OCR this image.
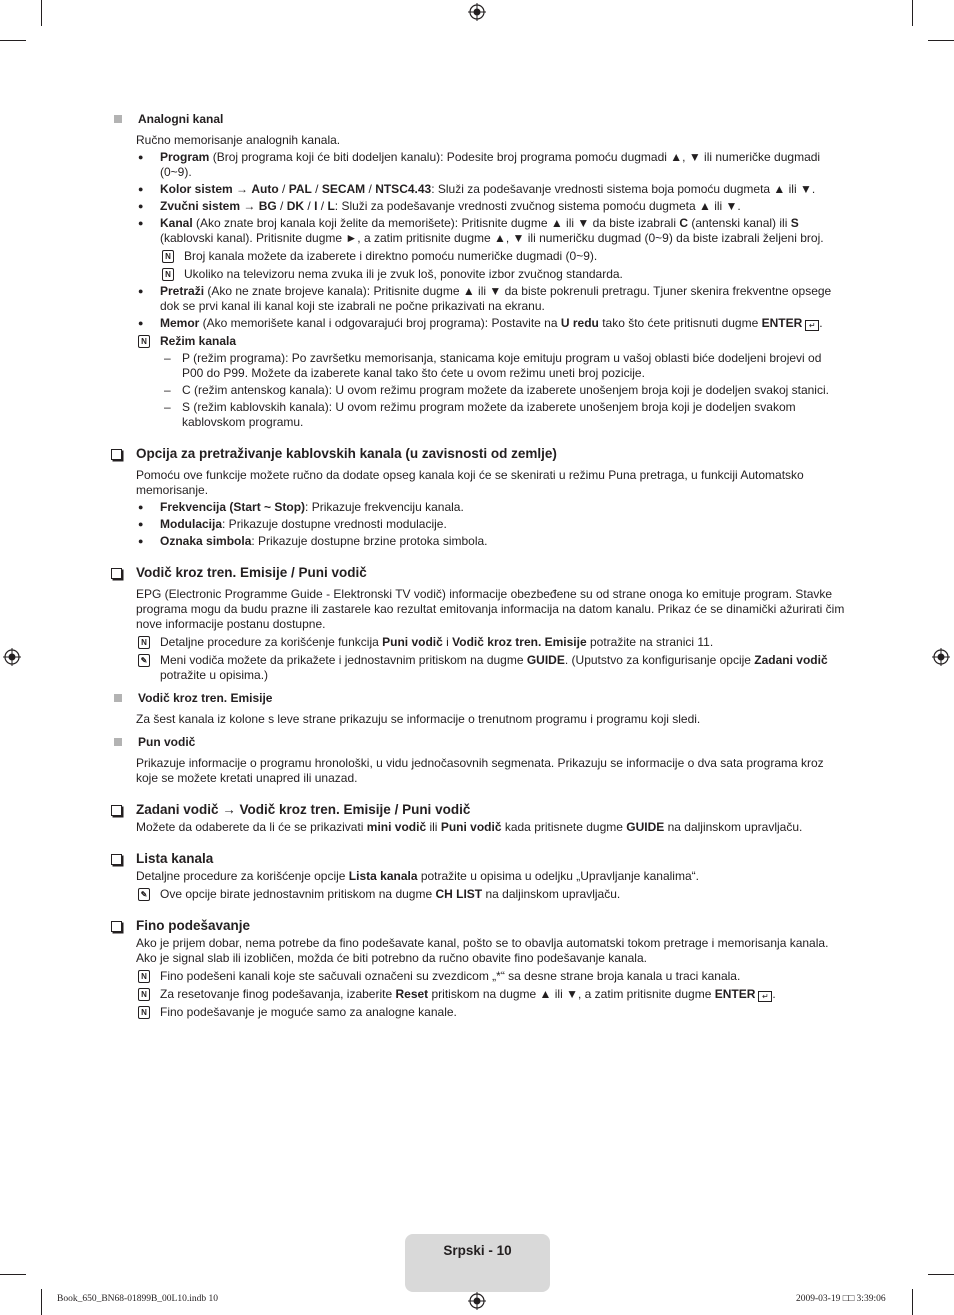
Analogni kanal
Ručno memorisanje analognih kanala.
● Program (Broj programa koji će biti dodeljen kanalu): Podesite broj programa pomoću dugmadi ▲, ▼ ili numeričke dugmadi (0~9).
● Kolor sistem → Auto / PAL / SECAM / NTSC4.43: Služi za podešavanje vrednosti sistema boja pomoću dugmeta ▲ ili ▼.
● Zvučni sistem → BG / DK / I / L: Služi za podešavanje vrednosti zvučnog sistema pomoću dugmeta ▲ ili ▼.
● Kanal (Ako znate broj kanala koji želite da memorišete): Pritisnite dugme ▲ ili ▼ da biste izabrali C (antenski kanal) ili S (kablovski kanal). Pritisnite dugme ►, a zatim pritisnite dugme ▲, ▼ ili numeričku dugmad (0~9) da biste izabrali željeni broj.
N Broj kanala možete da izaberete i direktno pomoću numeričke dugmadi (0~9).
N Ukoliko na televizoru nema zvuka ili je zvuk loš, ponovite izbor zvučnog standarda.
● Pretraži (Ako ne znate brojeve kanala): Pritisnite dugme ▲ ili ▼ da biste pokrenuli pretragu. Tjuner skenira frekventne opsege dok se prvi kanal ili kanal koji ste izabrali ne počne prikazivati na ekranu.
● Memor (Ako memorišete kanal i odgovarajući broj programa): Postavite na U redu tako što ćete pritisnuti dugme ENTER ↵ .
N Režim kanala
– P (režim programa): Po završetku memorisanja, stanicama koje emituju program u vašoj oblasti biće dodeljeni brojevi od P00 do P99. Možete da izaberete kanal tako što ćete u ovom režimu uneti broj pozicije.
– C (režim antenskog kanala): U ovom režimu program možete da izaberete unošenjem broja koji je dodeljen svakoj stanici.
– S (režim kablovskih kanala): U ovom režimu program možete da izaberete unošenjem broja koji je dodeljen svakom kablovskom programu.
Opcija za pretraživanje kablovskih kanala (u zavisnosti od zemlje)
Pomoću ove funkcije možete ručno da dodate opseg kanala koji će se skenirati u režimu Puna pretraga, u funkciji Automatsko memorisanje.
● Frekvencija (Start ~ Stop): Prikazuje frekvenciju kanala.
● Modulacija: Prikazuje dostupne vrednosti modulacije.
● Oznaka simbola: Prikazuje dostupne brzine protoka simbola.
Vodič kroz tren. Emisije / Puni vodič
EPG (Electronic Programme Guide - Elektronski TV vodič) informacije obezbeđene su od strane onoga ko emituje program. Stavke programa mogu da budu prazne ili zastarele kao rezultat emitovanja informacija na datom kanalu. Prikaz će se dinamički ažurirati čim nove informacije postanu dostupne.
N Detaljne procedure za korišćenje funkcija Puni vodič i Vodič kroz tren. Emisije potražite na stranici 11.
✎ Meni vodiča možete da prikažete i jednostavnim pritiskom na dugme GUIDE. (Uputstvo za konfigurisanje opcije Zadani vodič potražite u opisima.)
Vodič kroz tren. Emisije
Za šest kanala iz kolone s leve strane prikazuju se informacije o trenutnom programu i programu koji sledi.
Pun vodič
Prikazuje informacije o programu hronološki, u vidu jednočasovnih segmenata. Prikazuju se informacije o dva sata programa kroz koje se možete kretati unapred ili unazad.
Zadani vodič → Vodič kroz tren. Emisije / Puni vodič
Možete da odaberete da li će se prikazivati mini vodič ili Puni vodič kada pritisnete dugme GUIDE na daljinskom upravljaču.
Lista kanala
Detaljne procedure za korišćenje opcije Lista kanala potražite u opisima u odeljku „Upravljanje kanalima“.
✎ Ove opcije birate jednostavnim pritiskom na dugme CH LIST na daljinskom upravljaču.
Fino podešavanje
Ako je prijem dobar, nema potrebe da fino podešavate kanal, pošto se to obavlja automatski tokom pretrage i memorisanja kanala. Ako je signal slab ili izobličen, možda će biti potrebno da ručno obavite fino podešavanje kanala.
N Fino podešeni kanali koje ste sačuvali označeni su zvezdicom „*“ sa desne strane broja kanala u traci kanala.
N Za resetovanje finog podešavanja, izaberite Reset pritiskom na dugme ▲ ili ▼, a zatim pritisnite dugme ENTER ↵ .
N Fino podešavanje je moguće samo za analogne kanale.
Srpski - 10
Book_650_BN68-01899B_00L10.indb 10	2009-03-19 □□ 3:39:06
